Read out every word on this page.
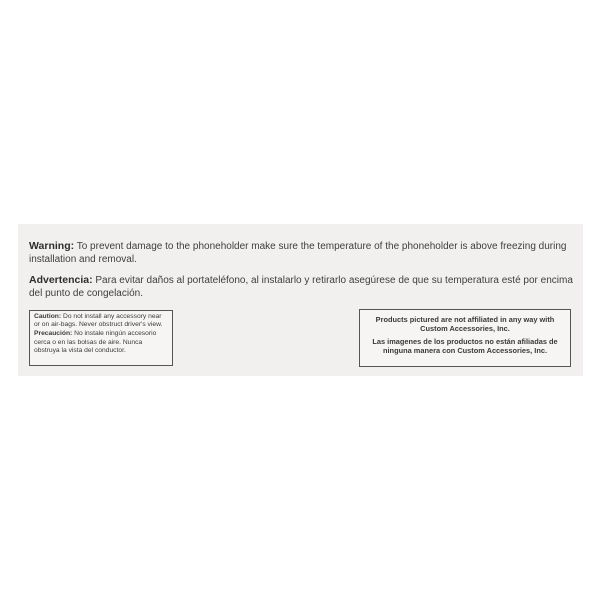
Warning: To prevent damage to the phoneholder make sure the temperature of the phoneholder is above freezing during installation and removal.
Advertencia: Para evitar daños al portateléfono, al instalarlo y retirarlo asegúrese de que su temperatura esté por encima del punto de congelación.

Caution: Do not install any accessory near or on air-bags. Never obstruct driver's view.

Precaución: No instale ningún accesorio cerca o en las bolsas de aire. Nunca obstruya la vista del conductor.

Products pictured are not affiliated in any way with Custom Accessories, Inc.

Las imagenes de los productos no están afiliadas de ninguna manera con Custom Accessories, Inc.
